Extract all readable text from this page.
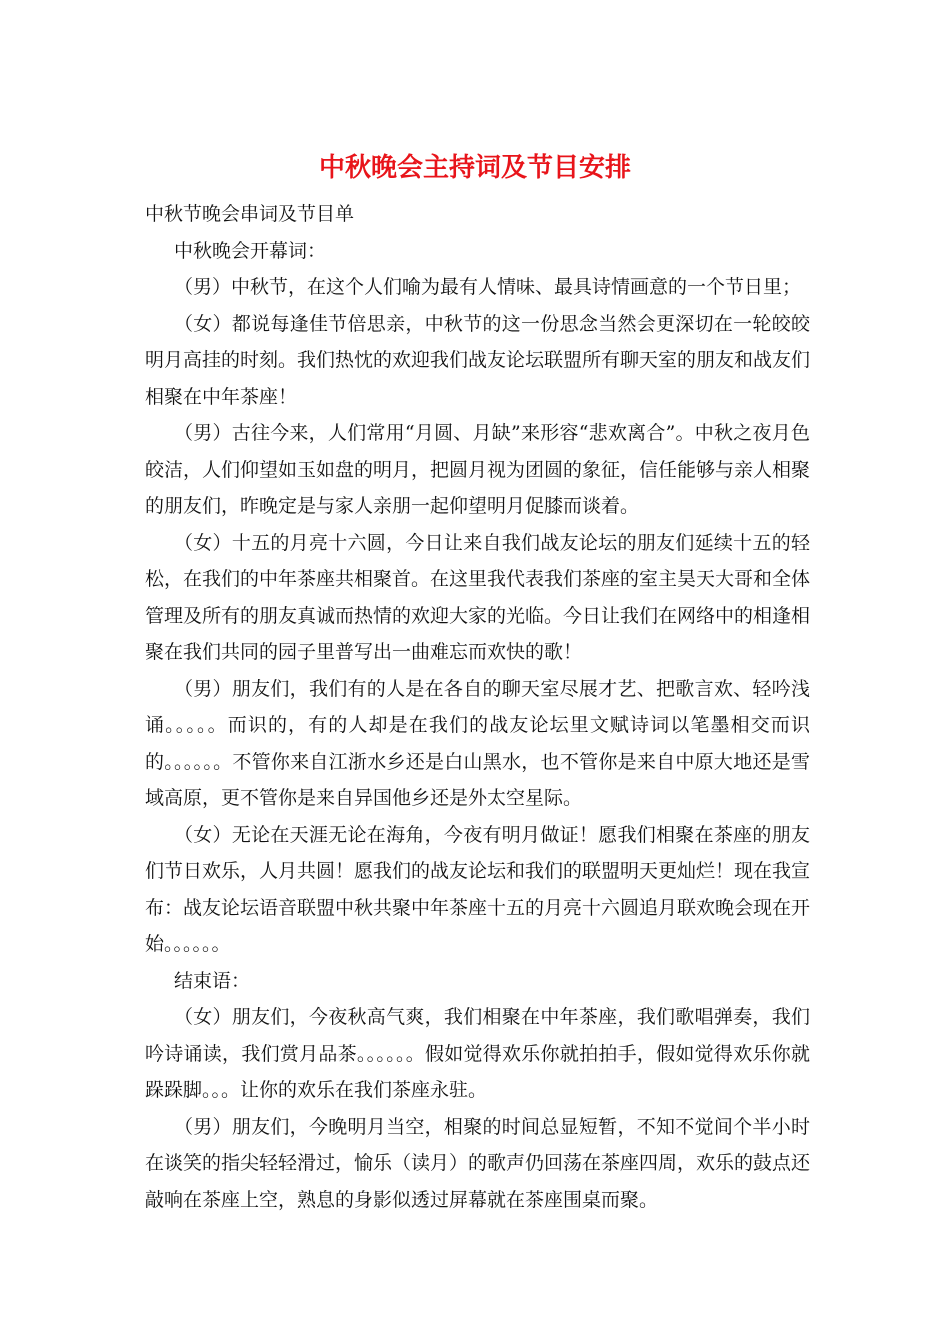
中秋晚会主持词及节目安排

中秋节晚会串词及节目单

中秋晚会开幕词：

（男）中秋节，在这个人们喻为最有人情味、最具诗情画意的一个节日里；

（女）都说每逢佳节倍思亲，中秋节的这一份思念当然会更深切在一轮皎皎明月高挂的时刻。我们热忱的欢迎我们战友论坛联盟所有聊天室的朋友和战友们相聚在中年茶座！

（男）古往今来，人们常用“月圆、月缺”来形容“悲欢离合”。中秋之夜月色皎洁，人们仰望如玉如盘的明月，把圆月视为团圆的象征，信任能够与亲人相聚的朋友们，昨晚定是与家人亲朋一起仰望明月促膝而谈着。

（女）十五的月亮十六圆，今日让来自我们战友论坛的朋友们延续十五的轻松，在我们的中年茶座共相聚首。在这里我代表我们茶座的室主昊天大哥和全体管理及所有的朋友真诚而热情的欢迎大家的光临。今日让我们在网络中的相逢相聚在我们共同的园子里普写出一曲难忘而欢快的歌！

（男）朋友们，我们有的人是在各自的聊天室尽展才艺、把歌言欢、轻吟浅诵。。。。。而识的，有的人却是在我们的战友论坛里文赋诗词以笔墨相交而识的。。。。。。不管你来自江浙水乡还是白山黑水，也不管你是来自中原大地还是雪域高原，更不管你是来自异国他乡还是外太空星际。

（女）无论在天涯无论在海角，今夜有明月做证！愿我们相聚在茶座的朋友们节日欢乐，人月共圆！愿我们的战友论坛和我们的联盟明天更灿烂！现在我宣布：战友论坛语音联盟中秋共聚中年茶座十五的月亮十六圆追月联欢晚会现在开始。。。。。。

结束语：

（女）朋友们，今夜秋高气爽，我们相聚在中年茶座，我们歌唱弹奏，我们吟诗诵读，我们赏月品茶。。。。。。假如觉得欢乐你就拍拍手，假如觉得欢乐你就跺跺脚。。。让你的欢乐在我们茶座永驻。

（男）朋友们，今晚明月当空，相聚的时间总显短暂，不知不觉间个半小时在谈笑的指尖轻轻滑过，愉乐（读月）的歌声仍回荡在茶座四周，欢乐的鼓点还敲响在茶座上空，熟息的身影似透过屏幕就在茶座围桌而聚。
